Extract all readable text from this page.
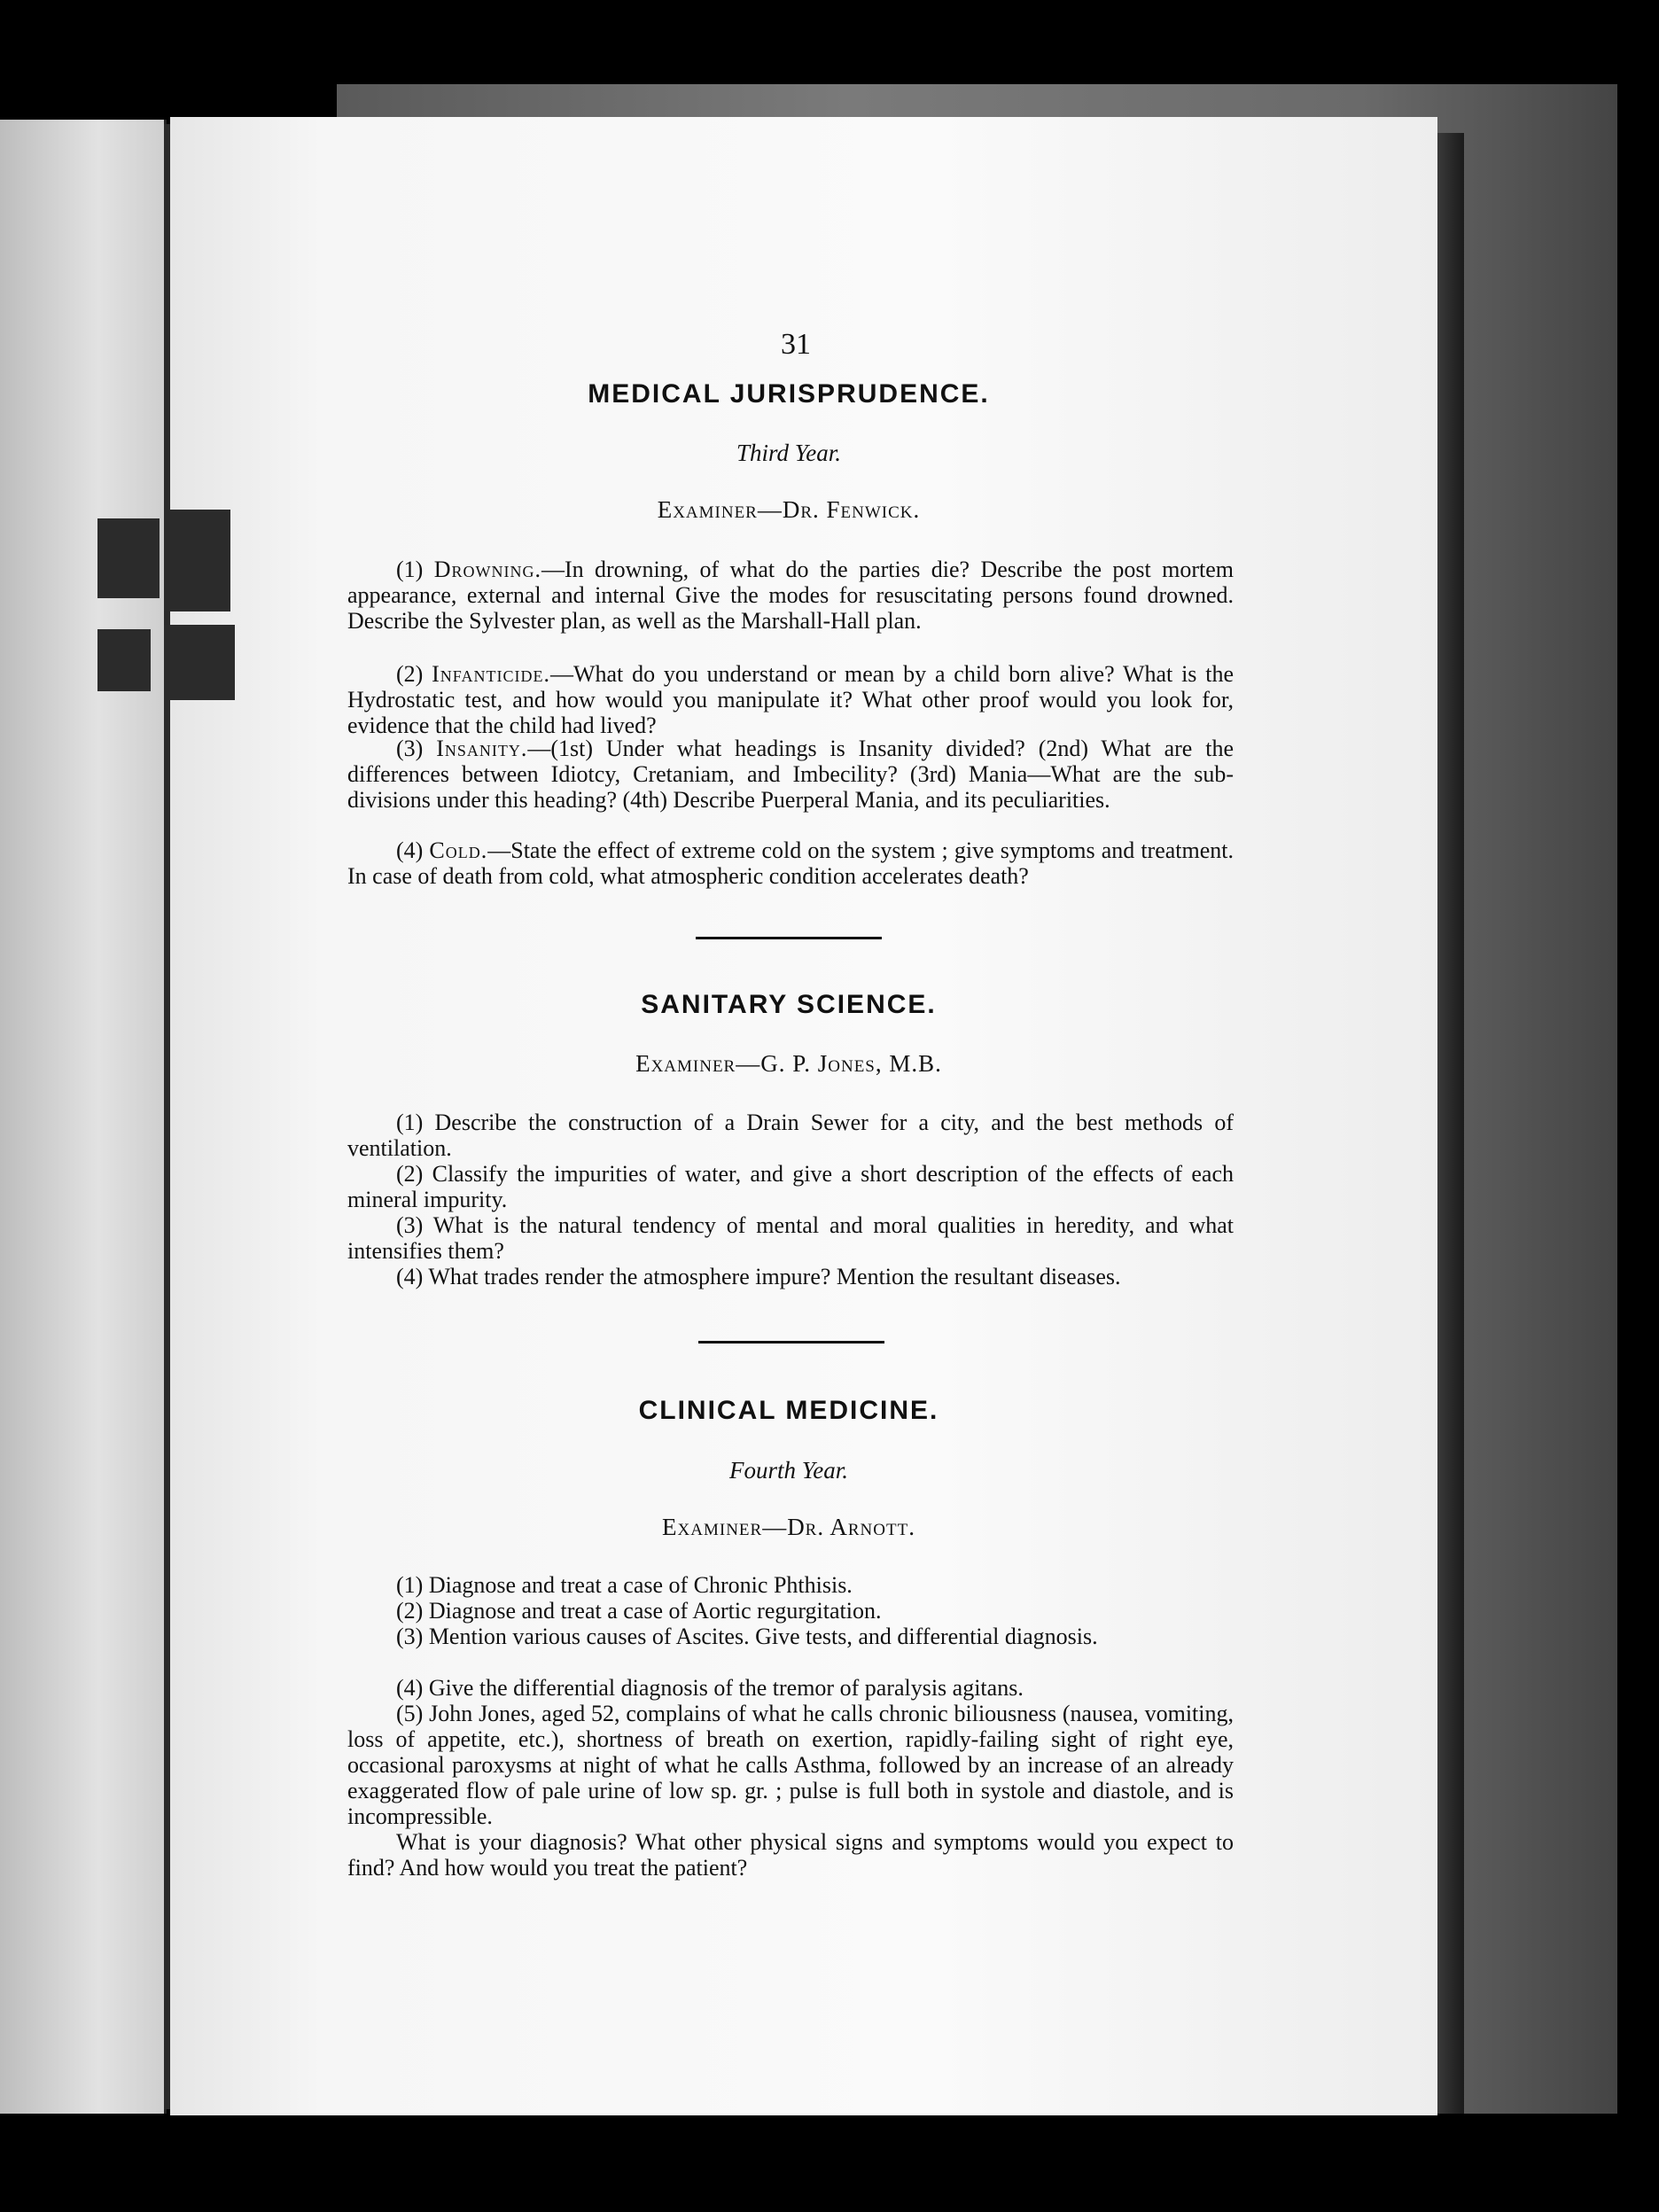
31
MEDICAL JURISPRUDENCE.
Third Year.
Examiner—Dr. Fenwick.
(1) Drowning.—In drowning, of what do the parties die? Describe the post mortem appearance, external and internal Give the modes for resuscitating persons found drowned. Describe the Sylvester plan, as well as the Marshall-Hall plan.
(2) Infanticide.—What do you understand or mean by a child born alive? What is the Hydrostatic test, and how would you manipulate it? What other proof would you look for, evidence that the child had lived?
(3) Insanity.—(1st) Under what headings is Insanity divided? (2nd) What are the differences between Idiotcy, Cretaniam, and Imbecility? (3rd) Mania—What are the sub-divisions under this heading? (4th) Describe Puerperal Mania, and its peculiarities.
(4) Cold.—State the effect of extreme cold on the system ; give symptoms and treatment. In case of death from cold, what atmospheric condition accelerates death?
SANITARY SCIENCE.
Examiner—G. P. Jones, M.B.
(1) Describe the construction of a Drain Sewer for a city, and the best methods of ventilation.
(2) Classify the impurities of water, and give a short description of the effects of each mineral impurity.
(3) What is the natural tendency of mental and moral qualities in heredity, and what intensifies them?
(4) What trades render the atmosphere impure? Mention the resultant diseases.
CLINICAL MEDICINE.
Fourth Year.
Examiner—Dr. Arnott.
(1) Diagnose and treat a case of Chronic Phthisis.
(2) Diagnose and treat a case of Aortic regurgitation.
(3) Mention various causes of Ascites. Give tests, and differential diagnosis.
(4) Give the differential diagnosis of the tremor of paralysis agitans.
(5) John Jones, aged 52, complains of what he calls chronic biliousness (nausea, vomiting, loss of appetite, etc.), shortness of breath on exertion, rapidly-failing sight of right eye, occasional paroxysms at night of what he calls Asthma, followed by an increase of an already exaggerated flow of pale urine of low sp. gr. ; pulse is full both in systole and diastole, and is incompressible.
What is your diagnosis? What other physical signs and symptoms would you expect to find? And how would you treat the patient?
